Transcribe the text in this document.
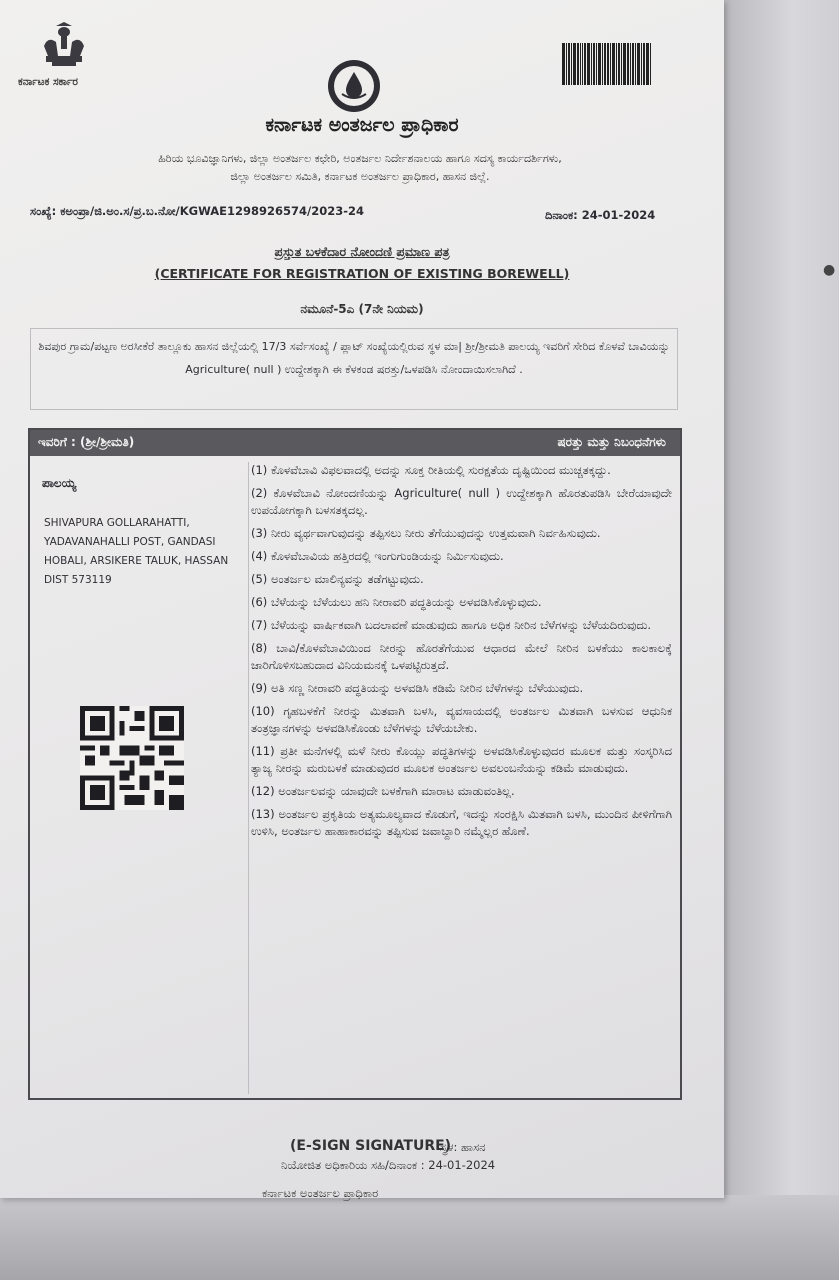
●
ಕರ್ನಾಟಕ ಸರ್ಕಾರ
ಕರ್ನಾಟಕ ಅಂತರ್ಜಲ ಪ್ರಾಧಿಕಾರ
ಹಿರಿಯ ಭೂವಿಜ್ಞಾನಿಗಳು, ಜಿಲ್ಲಾ ಅಂತರ್ಜಲ ಕಛೇರಿ, ಅಂತರ್ಜಲ ನಿರ್ದೇಶನಾಲಯ ಹಾಗೂ ಸದಸ್ಯ ಕಾರ್ಯದರ್ಶಿಗಳು,
ಜಿಲ್ಲಾ ಅಂತರ್ಜಲ ಸಮಿತಿ, ಕರ್ನಾಟಕ ಅಂತರ್ಜಲ ಪ್ರಾಧಿಕಾರ, ಹಾಸನ ಜಿಲ್ಲೆ.
ಸಂಖ್ಯೆ: ಕಅಂಪ್ರಾ/ಜಿ.ಅಂ.ಸ/ಪ್ರ.ಬ.ನೋ/KGWAE1298926574/2023-24	ದಿನಾಂಕ: 24-01-2024
ಪ್ರಸ್ತುತ ಬಳಕೆದಾರ ನೋಂದಣಿ ಪ್ರಮಾಣ ಪತ್ರ
(CERTIFICATE FOR REGISTRATION OF EXISTING BOREWELL)
ನಮೂನೆ-5ಎ (7ನೇ ನಿಯಮ)
ಶಿವಪುರ ಗ್ರಾಮ/ಪಟ್ಟಣ ಅರಸೀಕೆರೆ ತಾಲ್ಲೂಕು ಹಾಸನ ಜಿಲ್ಲೆಯಲ್ಲಿ 17/3 ಸರ್ವೆಸಂಖ್ಯೆ / ಪ್ಲಾಟ್ ಸಂಖ್ಯೆಯಲ್ಲಿರುವ ಸ್ಥಳ ಮಾ| ಶ್ರೀ/ಶ್ರೀಮತಿ ಪಾಲಯ್ಯ ಇವರಿಗೆ ಸೇರಿದ ಕೊಳವೆ ಬಾವಿಯನ್ನು Agriculture( null ) ಉದ್ದೇಶಕ್ಕಾಗಿ ಈ ಕೆಳಕಂಡ ಷರತ್ತು/ಒಳಪಡಿಸಿ ನೋಂದಾಯಿಸಲಾಗಿದೆ .
ಇವರಿಗೆ : (ಶ್ರೀ/ಶ್ರೀಮತಿ)	ಷರತ್ತು ಮತ್ತು ನಿಬಂಧನೆಗಳು
ಪಾಲಯ್ಯ
SHIVAPURA GOLLARAHATTI, YADAVANAHALLI POST, GANDASI HOBALI, ARSIKERE TALUK, HASSAN DIST 573119

(1) ಕೊಳವೆಬಾವಿ ವಿಫಲವಾದಲ್ಲಿ ಅದನ್ನು ಸೂಕ್ತ ರೀತಿಯಲ್ಲಿ ಸುರಕ್ಷತೆಯ ದೃಷ್ಟಿಯಿಂದ ಮುಚ್ಚತಕ್ಕದ್ದು.

(2) ಕೊಳವೆಬಾವಿ ನೋಂದಣಿಯನ್ನು Agriculture( null ) ಉದ್ದೇಶಕ್ಕಾಗಿ ಹೊರತುಪಡಿಸಿ ಬೇರೆಯಾವುದೇ ಉಪಯೋಗಕ್ಕಾಗಿ ಬಳಸತಕ್ಕದಲ್ಲ.

(3) ನೀರು ವ್ಯರ್ಥವಾಗುವುದನ್ನು ತಪ್ಪಿಸಲು ನೀರು ತೆಗೆಯುವುದನ್ನು ಉತ್ತಮವಾಗಿ ನಿರ್ವಹಿಸುವುದು.

(4) ಕೊಳವೆಬಾವಿಯ ಹತ್ತಿರದಲ್ಲಿ ಇಂಗುಗುಂಡಿಯನ್ನು ನಿರ್ಮಿಸುವುದು.

(5) ಅಂತರ್ಜಲ ಮಾಲಿನ್ಯವನ್ನು ತಡೆಗಟ್ಟುವುದು.

(6) ಬೆಳೆಯನ್ನು ಬೆಳೆಯಲು ಹನಿ ನೀರಾವರಿ ಪದ್ಧತಿಯನ್ನು ಅಳವಡಿಸಿಕೊಳ್ಳುವುದು.

(7) ಬೆಳೆಯನ್ನು ವಾರ್ಷಿಕವಾಗಿ ಬದಲಾವಣೆ ಮಾಡುವುದು ಹಾಗೂ ಅಧಿಕ ನೀರಿನ ಬೆಳೆಗಳನ್ನು ಬೆಳೆಯದಿರುವುದು.

(8) ಬಾವಿ/ಕೊಳವೆಬಾವಿಯಿಂದ ನೀರನ್ನು ಹೊರತೆಗೆಯುವ ಆಧಾರದ ಮೇಲೆ ನೀರಿನ ಬಳಕೆಯು ಕಾಲಕಾಲಕ್ಕೆ ಜಾರಿಗೊಳಿಸಬಹುದಾದ ವಿನಿಯಮನಕ್ಕೆ ಒಳಪಟ್ಟಿರುತ್ತದೆ.

(9) ಅತಿ ಸಣ್ಣ ನೀರಾವರಿ ಪದ್ಧತಿಯನ್ನು ಅಳವಡಿಸಿ ಕಡಿಮೆ ನೀರಿನ ಬೆಳೆಗಳನ್ನು ಬೆಳೆಯುವುದು.

(10) ಗೃಹಬಳಕೆಗೆ ನೀರನ್ನು ಮಿತವಾಗಿ ಬಳಸಿ, ವ್ಯವಸಾಯದಲ್ಲಿ ಅಂತರ್ಜಲ ಮಿತವಾಗಿ ಬಳಸುವ ಆಧುನಿಕ ತಂತ್ರಜ್ಞಾನಗಳನ್ನು ಅಳವಡಿಸಿಕೊಂಡು ಬೆಳೆಗಳನ್ನು ಬೆಳೆಯಬೇಕು.

(11) ಪ್ರತೀ ಮನೆಗಳಲ್ಲಿ ಮಳೆ ನೀರು ಕೊಯ್ಲು ಪದ್ಧತಿಗಳನ್ನು ಅಳವಡಿಸಿಕೊಳ್ಳುವುದರ ಮೂಲಕ ಮತ್ತು ಸಂಸ್ಕರಿಸಿದ ತ್ಯಾಜ್ಯ ನೀರನ್ನು ಮರುಬಳಕೆ ಮಾಡುವುದರ ಮೂಲಕ ಅಂತರ್ಜಲ ಅವಲಂಬನೆಯನ್ನು ಕಡಿಮೆ ಮಾಡುವುದು.

(12) ಅಂತರ್ಜಲವನ್ನು ಯಾವುದೇ ಬಳಕೆಗಾಗಿ ಮಾರಾಟ ಮಾಡುವಂತಿಲ್ಲ.

(13) ಅಂತರ್ಜಲ ಪ್ರಕೃತಿಯ ಅತ್ಯಮೂಲ್ಯವಾದ ಕೊಡುಗೆ, ಇದನ್ನು ಸಂರಕ್ಷಿಸಿ ಮಿತವಾಗಿ ಬಳಸಿ, ಮುಂದಿನ ಪೀಳಿಗೆಗಾಗಿ ಉಳಿಸಿ, ಅಂತರ್ಜಲ ಹಾಹಾಕಾರವನ್ನು ತಪ್ಪಿಸುವ ಜವಾಬ್ದಾರಿ ನಮ್ಮೆಲ್ಲರ ಹೊಣೆ.

(E-SIGN SIGNATURE)
ಸ್ಥಳ: ಹಾಸನ
ನಿಯೋಜಿತ ಅಧಿಕಾರಿಯ ಸಹಿ/ದಿನಾಂಕ : 24-01-2024
ಕರ್ನಾಟಕ ಅಂತರ್ಜಲ ಪ್ರಾಧಿಕಾರ
